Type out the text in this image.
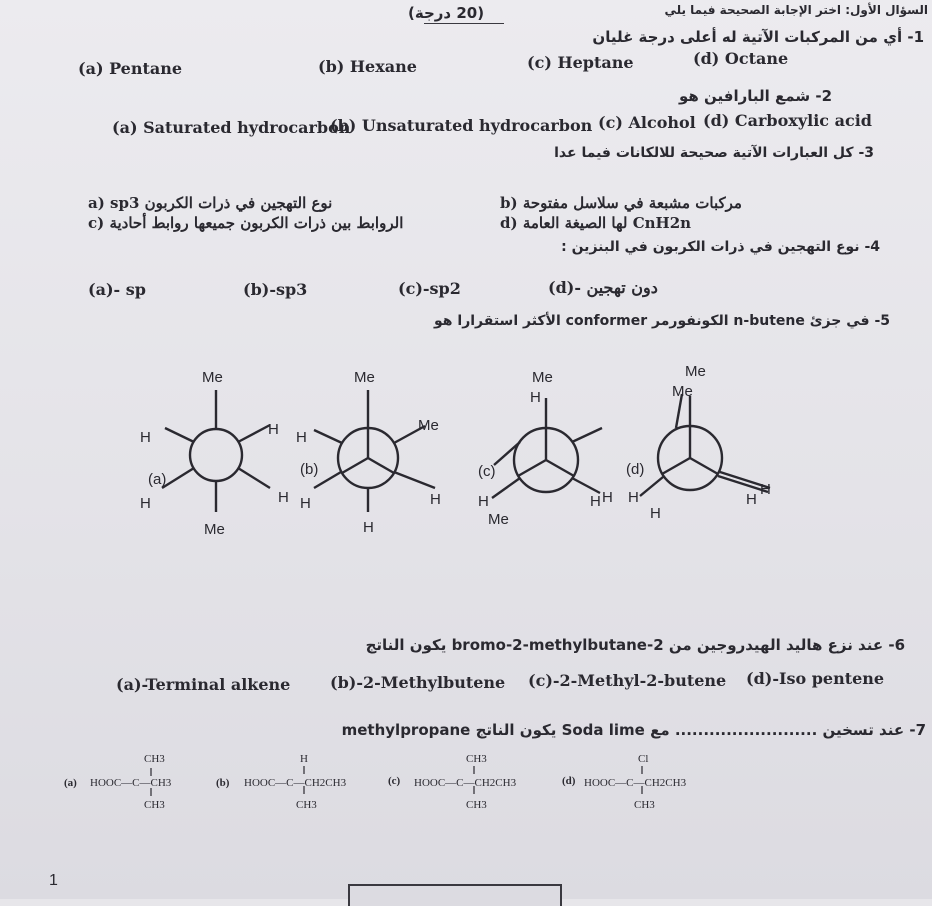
(20 درجة)	السؤال الأول: اختر الإجابة الصحيحة فيما يلي
1- أي من المركبات الآتية له أعلى درجة غليان
(a) Pentane	(b) Hexane	(c) Heptane	(d) Octane
2- شمع البارافين هو
(a) Saturated hydrocarbon
(b) Unsaturated hydrocarbon (c) Alcohol (d) Carboxylic acid
3- كل العبارات الآتية صحيحة للالكانات فيما عدا
a) sp3 نوع التهجين في ذرات الكربون	b) مركبات مشبعة في سلاسل مفتوحة
c) الروابط بين ذرات الكربون جميعها روابط أحادية	d) لها الصيغة العامة CnH2n
4- نوع التهجين في ذرات الكربون في البنزين :
(a)- sp	(b)-sp3	(c)-sp2	(d)- دون تهجين
5- في جزئ n-butene الكونفورمر conformer الأكثر استقرارا هو
Me
H	H
(a)
H	H
Me
Me
H
Me
(b)
H	H
H
Me
H
(c)
H
Me
H H
Me
Me
(d)
H
H
H
H
6- عند نزع هاليد الهيدروجين من 2-bromo-2-methylbutane يكون الناتج
(a)-Terminal alkene (b)-2-Methylbutene (c)-2-Methyl-2-butene (d)-Iso pentene
7- عند تسخين ......................... مع Soda lime يكون الناتج methylpropane
(a)
CH3
HOOC—C—CH3
CH3
(b)
H
HOOC—C—CH2CH3
CH3
(c)
CH3
HOOC—C—CH2CH3
CH3
(d)
Cl
HOOC—C—CH2CH3
CH3
1
